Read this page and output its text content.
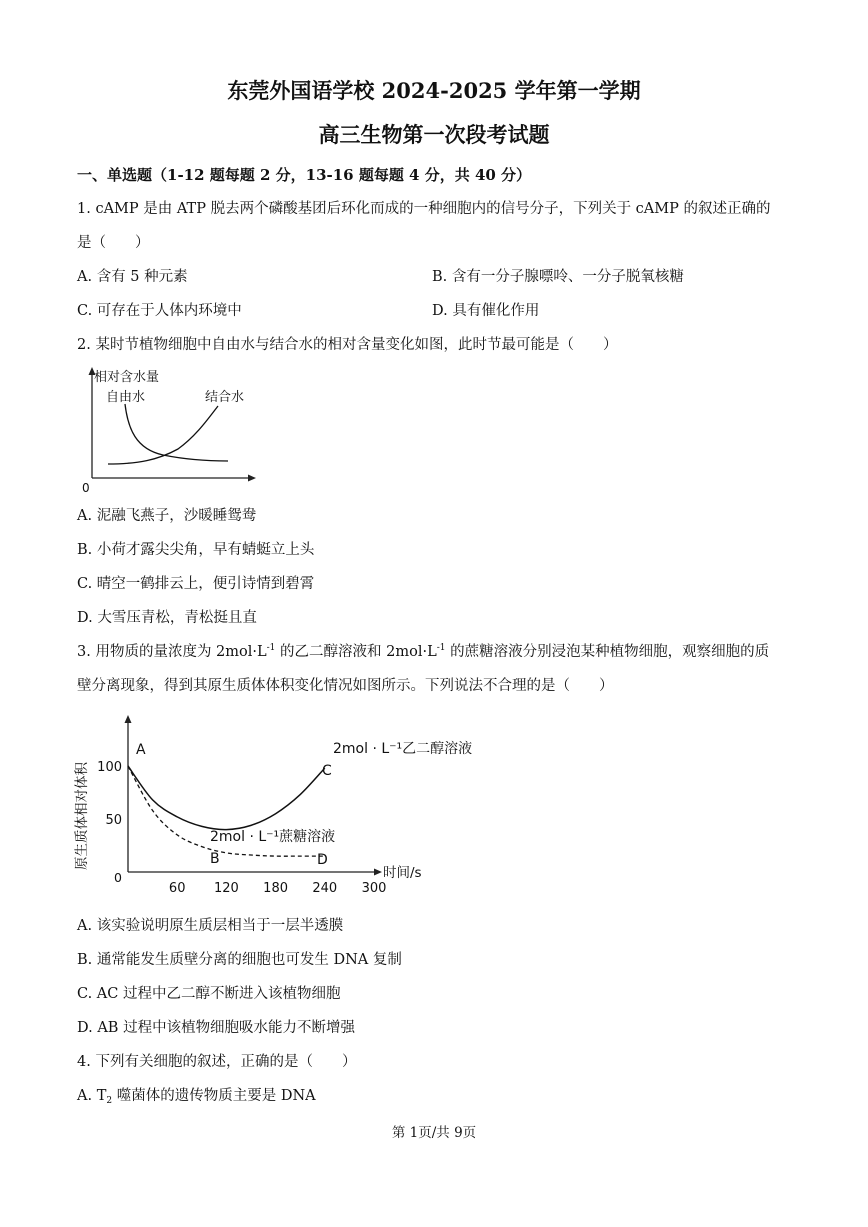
东莞外国语学校 2024-2025 学年第一学期
高三生物第一次段考试题
一、单选题（1-12 题每题 2 分，13-16 题每题 4 分，共 40 分）
1. cAMP 是由 ATP 脱去两个磷酸基团后环化而成的一种细胞内的信号分子，下列关于 cAMP 的叙述正确的
是（　　）
A. 含有 5 种元素	B. 含有一分子腺嘌呤、一分子脱氧核糖
C. 可存在于人体内环境中	D. 具有催化作用
2. 某时节植物细胞中自由水与结合水的相对含量变化如图，此时节最可能是（　　）
相对含水量
0
自由水	结合水
A. 泥融飞燕子，沙暖睡鸳鸯
B. 小荷才露尖尖角，早有蜻蜓立上头
C. 晴空一鹤排云上，便引诗情到碧霄
D. 大雪压青松，青松挺且直
3. 用物质的量浓度为 $2mol\cdot L^{-1}$ 的乙二醇溶液和 $2mol\cdot L^{-1}$ 的蔗糖溶液分别浸泡某种植物细胞，观察细胞的质
壁分离现象，得到其原生质体体积变化情况如图所示。下列说法不合理的是（　　）
原生质体相对体积
时间/s
0
60 120 180 240 300
50
100
2mol · L⁻¹乙二醇溶液
2mol · L⁻¹蔗糖溶液
A
B
C
D
A. 该实验说明原生质层相当于一层半透膜
B. 通常能发生质壁分离的细胞也可发生 DNA 复制
C. AC 过程中乙二醇不断进入该植物细胞
D. AB 过程中该植物细胞吸水能力不断增强
4. 下列有关细胞的叙述，正确的是（　　）
A. $T_2$ 噬菌体的遗传物质主要是 DNA
第 1页/共 9页
